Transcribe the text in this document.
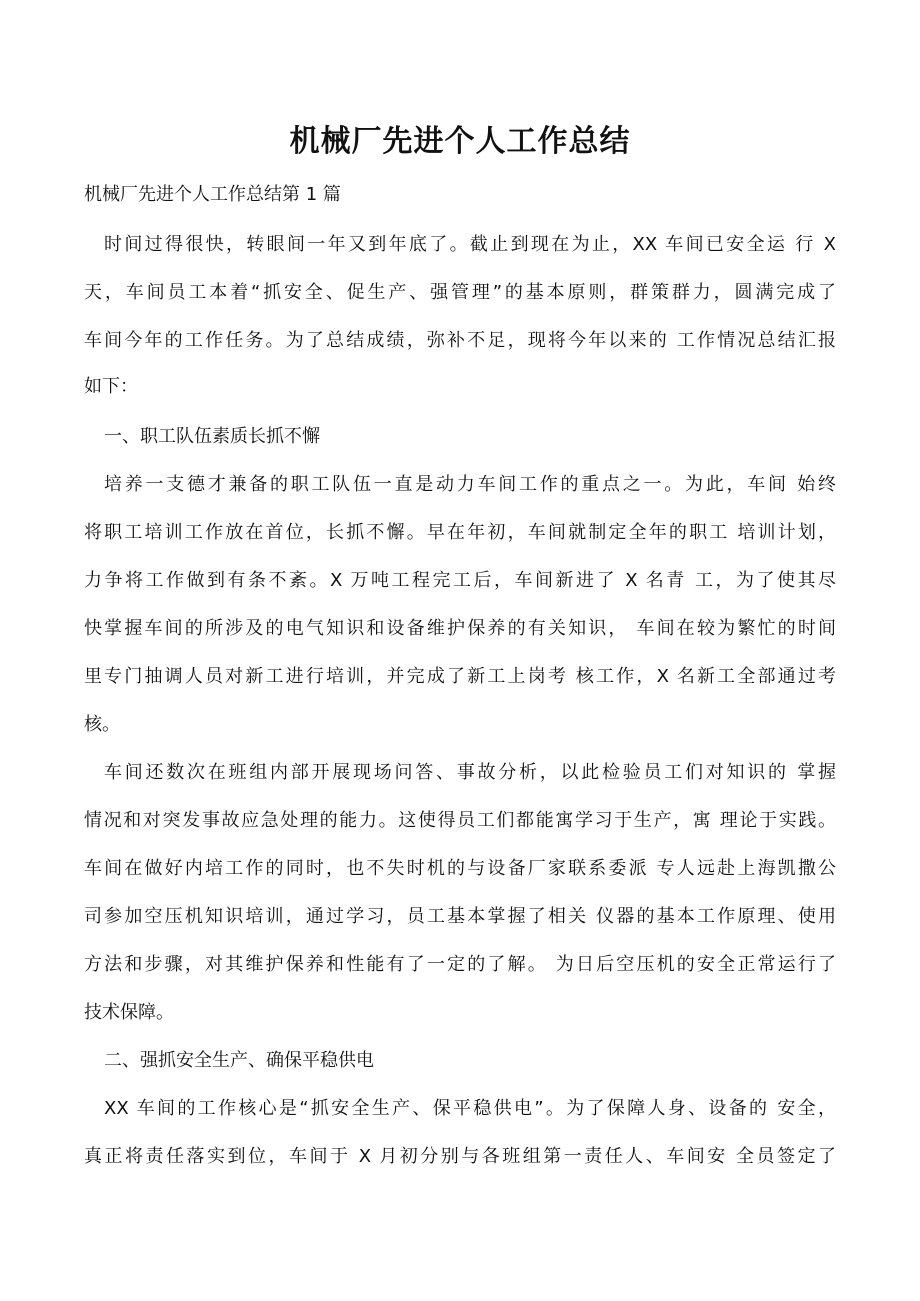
机械厂先进个人工作总结
机械厂先进个人工作总结第 1 篇
时间过得很快，转眼间一年又到年底了。截止到现在为止，XX 车间已安全运 行 X
天，车间员工本着“抓安全、促生产、强管理”的基本原则，群策群力，圆满完成了
车间今年的工作任务。为了总结成绩，弥补不足，现将今年以来的 工作情况总结汇报
如下：
一、职工队伍素质长抓不懈
培养一支德才兼备的职工队伍一直是动力车间工作的重点之一。为此，车间 始终
将职工培训工作放在首位，长抓不懈。早在年初，车间就制定全年的职工 培训计划，
力争将工作做到有条不紊。X 万吨工程完工后，车间新进了 X 名青 工，为了使其尽
快掌握车间的所涉及的电气知识和设备维护保养的有关知识， 车间在较为繁忙的时间
里专门抽调人员对新工进行培训，并完成了新工上岗考 核工作，X 名新工全部通过考
核。
车间还数次在班组内部开展现场问答、事故分析，以此检验员工们对知识的 掌握
情况和对突发事故应急处理的能力。这使得员工们都能寓学习于生产，寓 理论于实践。
车间在做好内培工作的同时，也不失时机的与设备厂家联系委派 专人远赴上海凯撒公
司参加空压机知识培训，通过学习，员工基本掌握了相关 仪器的基本工作原理、使用
方法和步骤，对其维护保养和性能有了一定的了解。 为日后空压机的安全正常运行了
技术保障。
二、强抓安全生产、确保平稳供电
XX 车间的工作核心是“抓安全生产、保平稳供电”。为了保障人身、设备的 安全，
真正将责任落实到位，车间于 X 月初分别与各班组第一责任人、车间安 全员签定了
